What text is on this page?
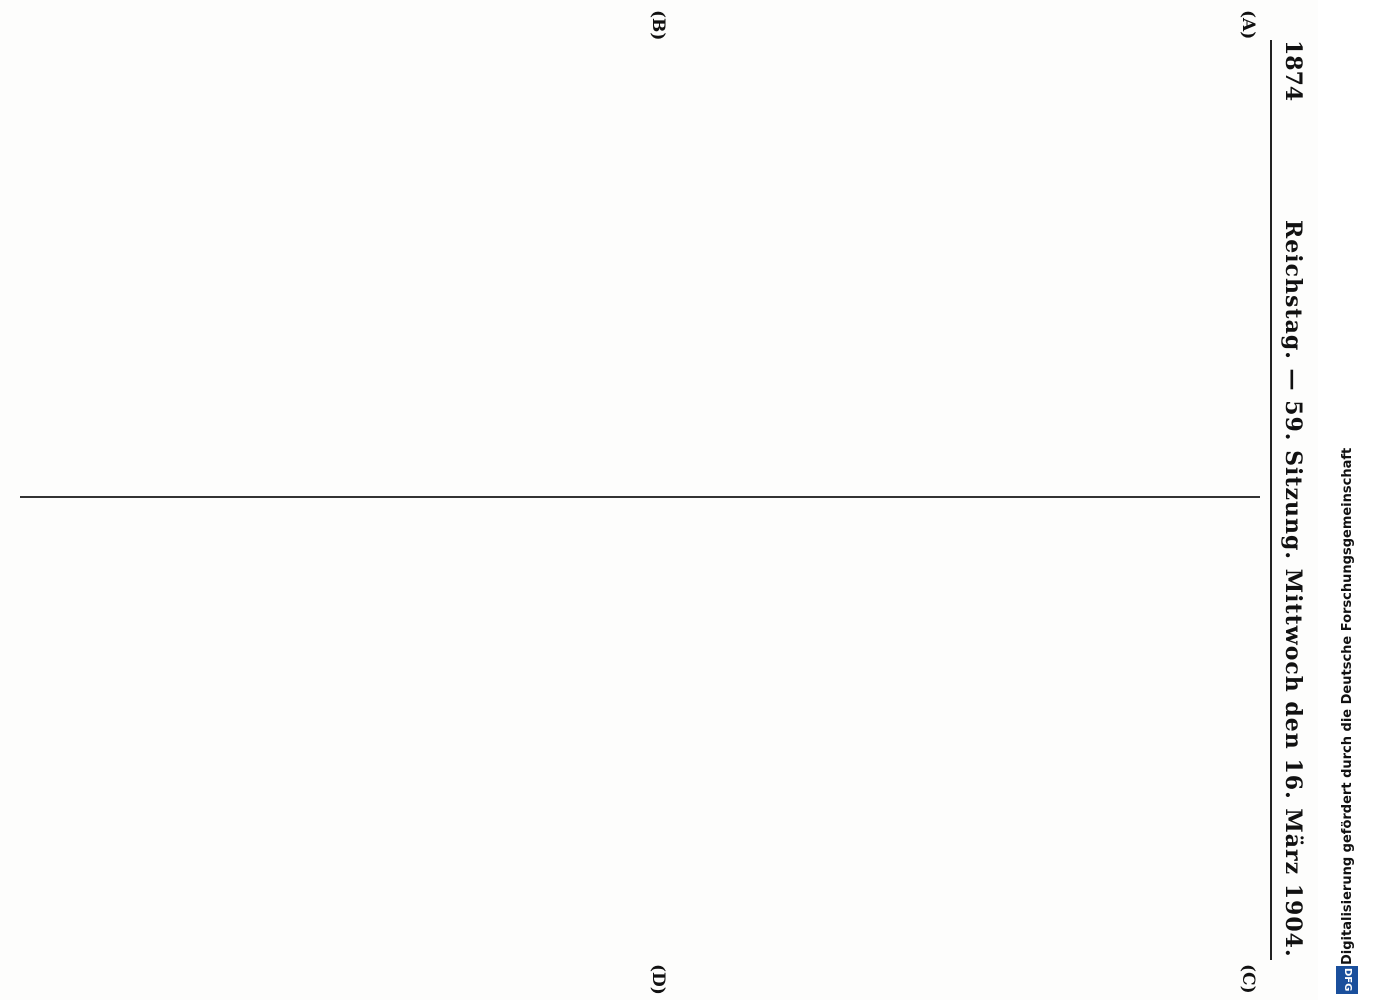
1874
Reichstag. — 59. Sitzung. Mittwoch den 16. März 1904.
(A)
(B)
(C)
(D)
Digitalisierung gefördert durch die Deutsche Forschungsgemeinschaft
DFG
